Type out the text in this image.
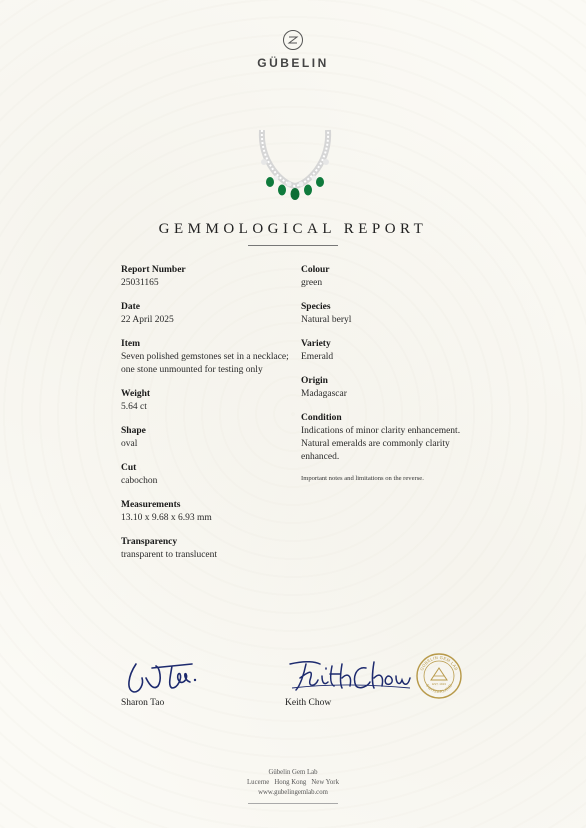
GÜBELIN
GEMMOLOGICAL REPORT
Report Number
25031165
Date
22 April 2025
Item
Seven polished gemstones set in a necklace; one stone unmounted for testing only
Weight
5.64 ct
Shape
oval
Cut
cabochon
Measurements
13.10 x 9.68 x 6.93 mm
Transparency
transparent to translucent
Colour
green
Species
Natural beryl
Variety
Emerald
Origin
Madagascar
Condition
Indications of minor clarity enhancement.
Natural emeralds are commonly clarity enhanced.
Important notes and limitations on the reverse.
Sharon Tao	Keith Chow
GÜBELIN GEM LAB
SWITZERLAND
EST. 1923
Gübelin Gem Lab
Lucerne   Hong Kong   New York
www.gubelingemlab.com
